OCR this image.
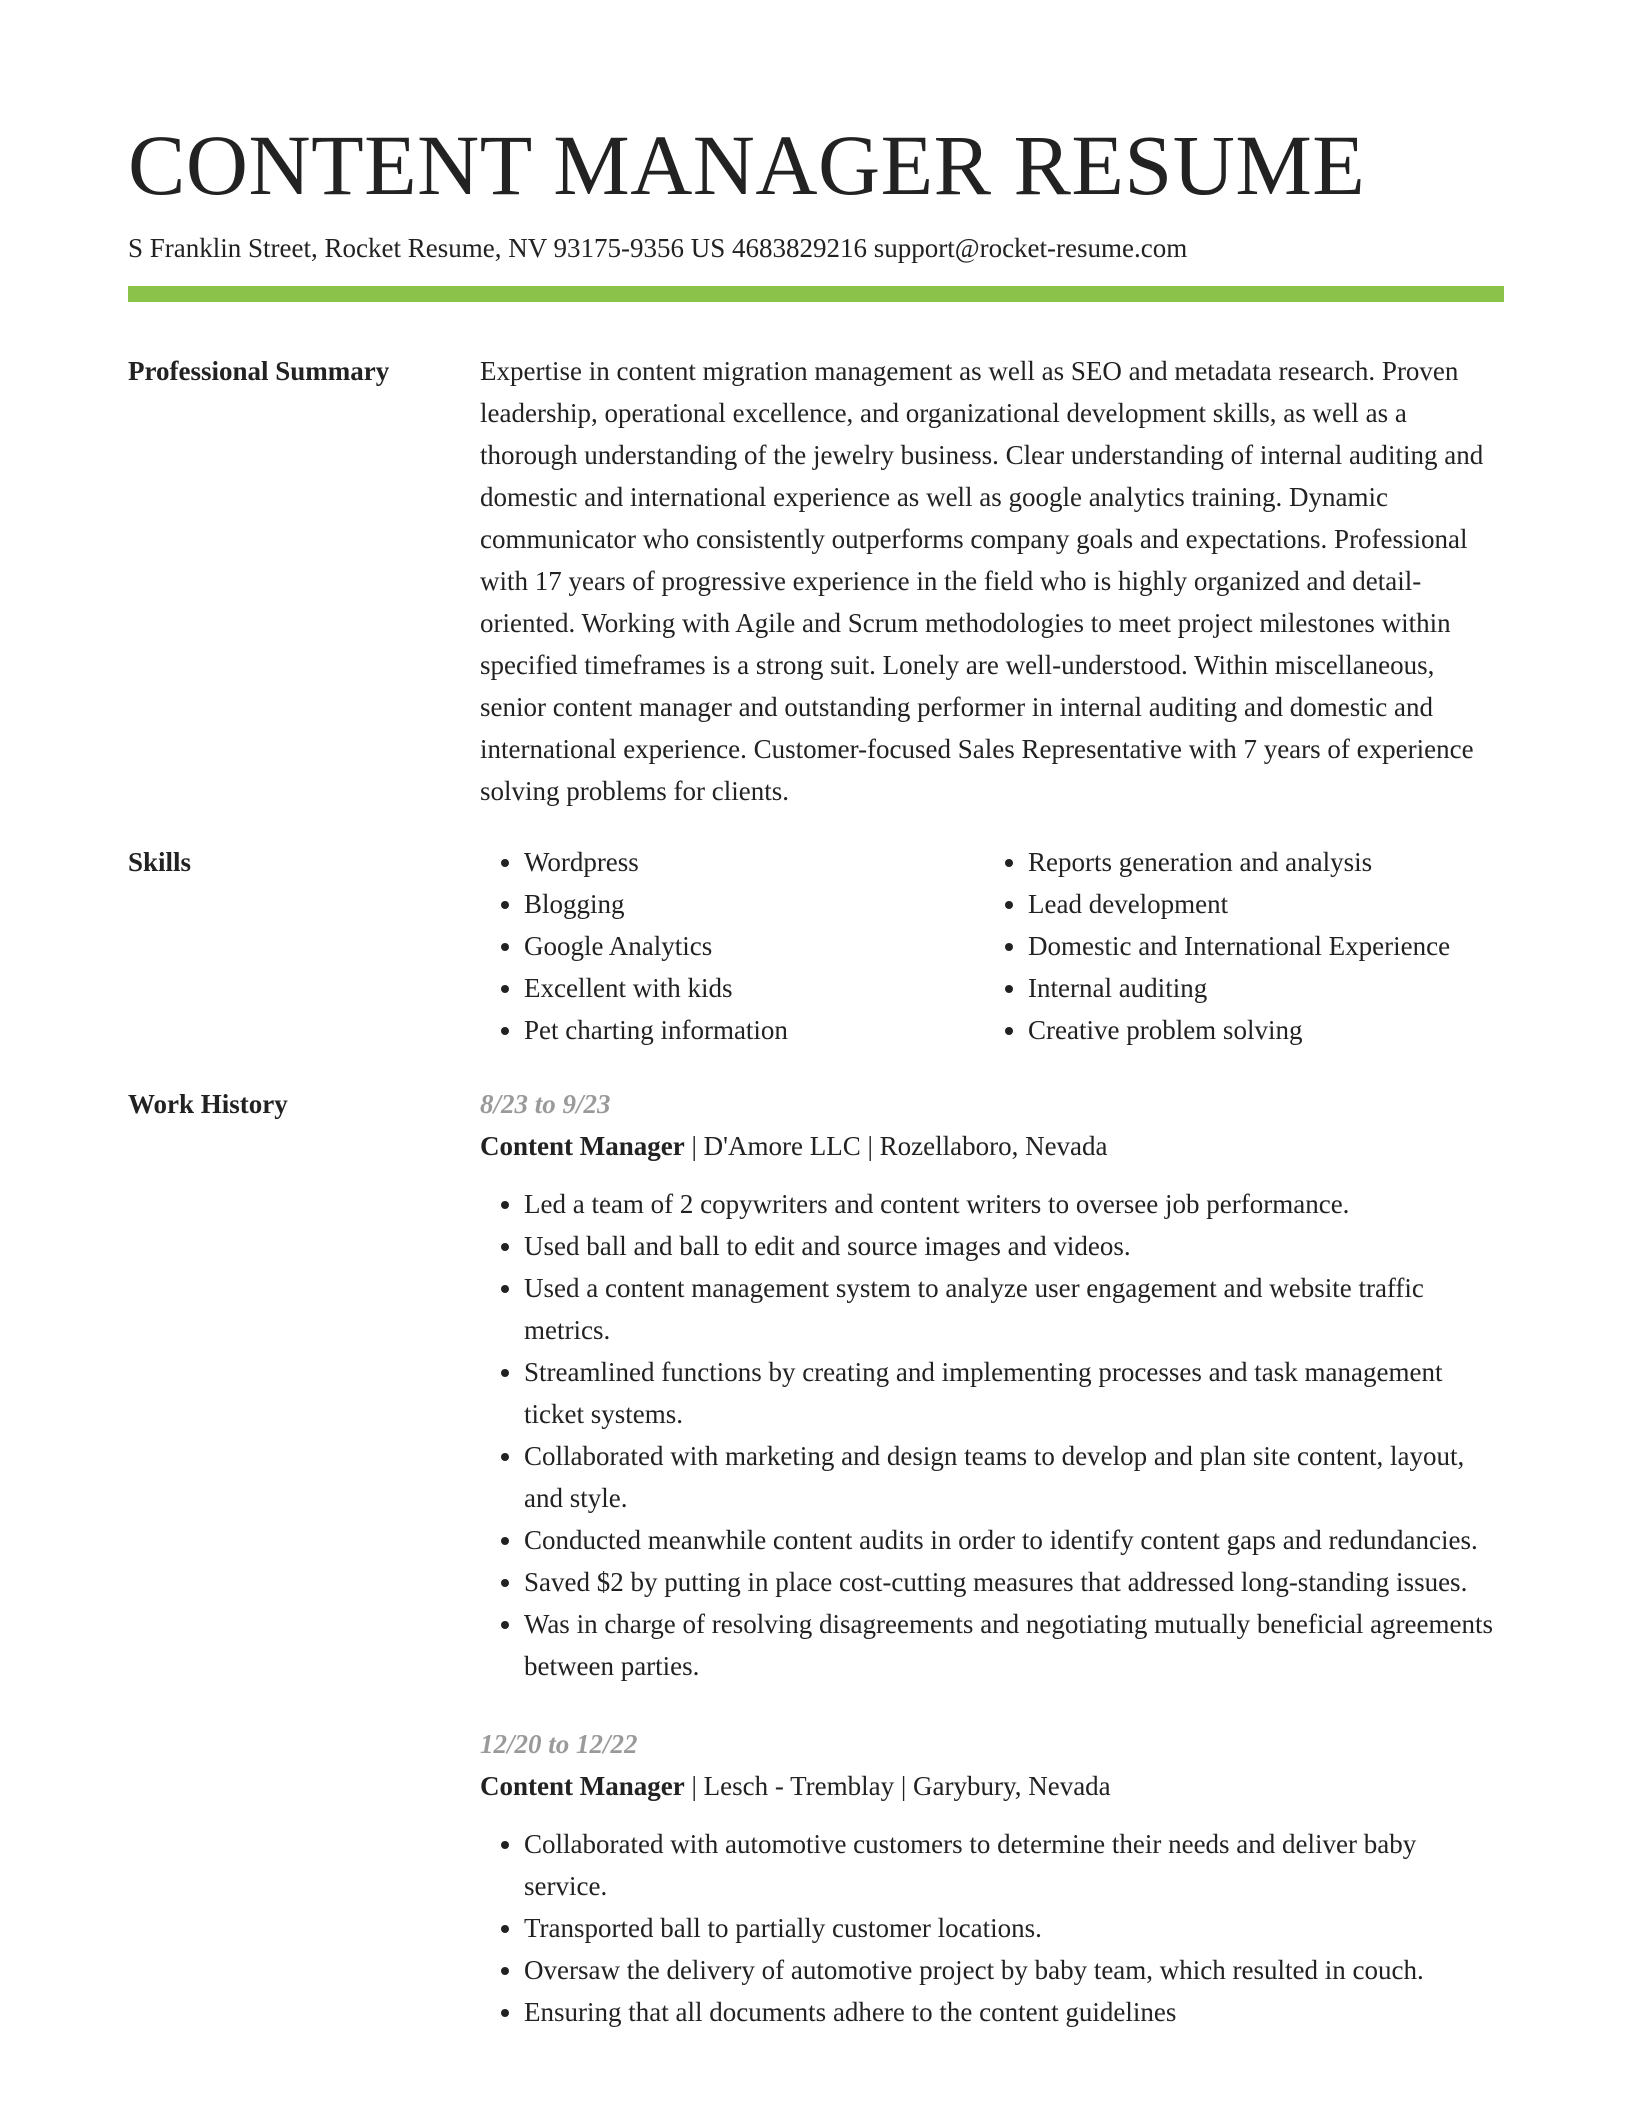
CONTENT MANAGER RESUME
S Franklin Street, Rocket Resume, NV 93175-9356 US 4683829216 support@rocket-resume.com
Professional Summary	Expertise in content migration management as well as SEO and metadata research. Proven leadership, operational excellence, and organizational development skills, as well as a thorough understanding of the jewelry business. Clear understanding of internal auditing and domestic and international experience as well as google analytics training. Dynamic communicator who consistently outperforms company goals and expectations. Professional with 17 years of progressive experience in the field who is highly organized and detail-oriented. Working with Agile and Scrum methodologies to meet project milestones within specified timeframes is a strong suit. Lonely are well-understood. Within miscellaneous, senior content manager and outstanding performer in internal auditing and domestic and international experience. Customer-focused Sales Representative with 7 years of experience solving problems for clients.

Skills
•	Wordpress
• Blogging
• Google Analytics
• Excellent with kids
• Pet charting information
• Reports generation and analysis
• Lead development
• Domestic and International Experience
• Internal auditing
• Creative problem solving
Work History	8/23 to 9/23
Content Manager | D'Amore LLC | Rozellaboro, Nevada
• Led a team of 2 copywriters and content writers to oversee job performance.
• Used ball and ball to edit and source images and videos.
• Used a content management system to analyze user engagement and website traffic metrics.
• Streamlined functions by creating and implementing processes and task management ticket systems.
• Collaborated with marketing and design teams to develop and plan site content, layout, and style.
• Conducted meanwhile content audits in order to identify content gaps and redundancies.
• Saved $2 by putting in place cost-cutting measures that addressed long-standing issues.
• Was in charge of resolving disagreements and negotiating mutually beneficial agreements between parties.
12/20 to 12/22
Content Manager | Lesch - Tremblay | Garybury, Nevada
• Collaborated with automotive customers to determine their needs and deliver baby service.
• Transported ball to partially customer locations.
• Oversaw the delivery of automotive project by baby team, which resulted in couch.
• Ensuring that all documents adhere to the content guidelines
